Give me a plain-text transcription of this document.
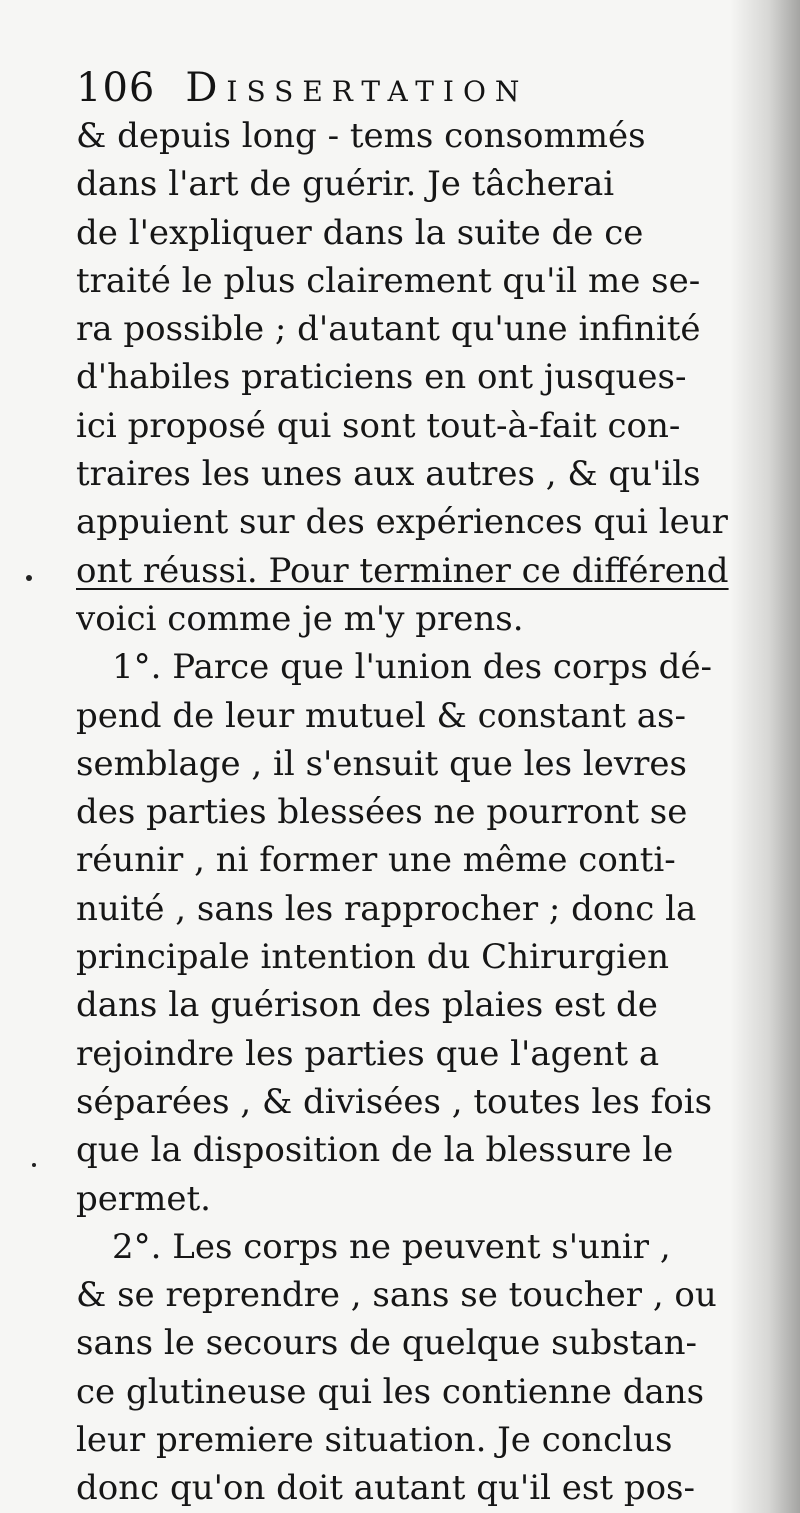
106 Dissertation
& depuis long - tems consommés
dans l'art de guérir. Je tâcherai
de l'expliquer dans la suite de ce
traité le plus clairement qu'il me se-
ra possible ; d'autant qu'une infinité
d'habiles praticiens en ont jusques-
ici proposé qui sont tout-à-fait con-
traires les unes aux autres , & qu'ils
appuient sur des expériences qui leur
ont réussi. Pour terminer ce différend
voici comme je m'y prens.
1°. Parce que l'union des corps dé-
pend de leur mutuel & constant as-
semblage , il s'ensuit que les levres
des parties blessées ne pourront se
réunir , ni former une même conti-
nuité , sans les rapprocher ; donc la
principale intention du Chirurgien
dans la guérison des plaies est de
rejoindre les parties que l'agent a
séparées , & divisées , toutes les fois
que la disposition de la blessure le
permet.
2°. Les corps ne peuvent s'unir ,
& se reprendre , sans se toucher , ou
sans le secours de quelque substan-
ce glutineuse qui les contienne dans
leur premiere situation. Je conclus
donc qu'on doit autant qu'il est pos-
